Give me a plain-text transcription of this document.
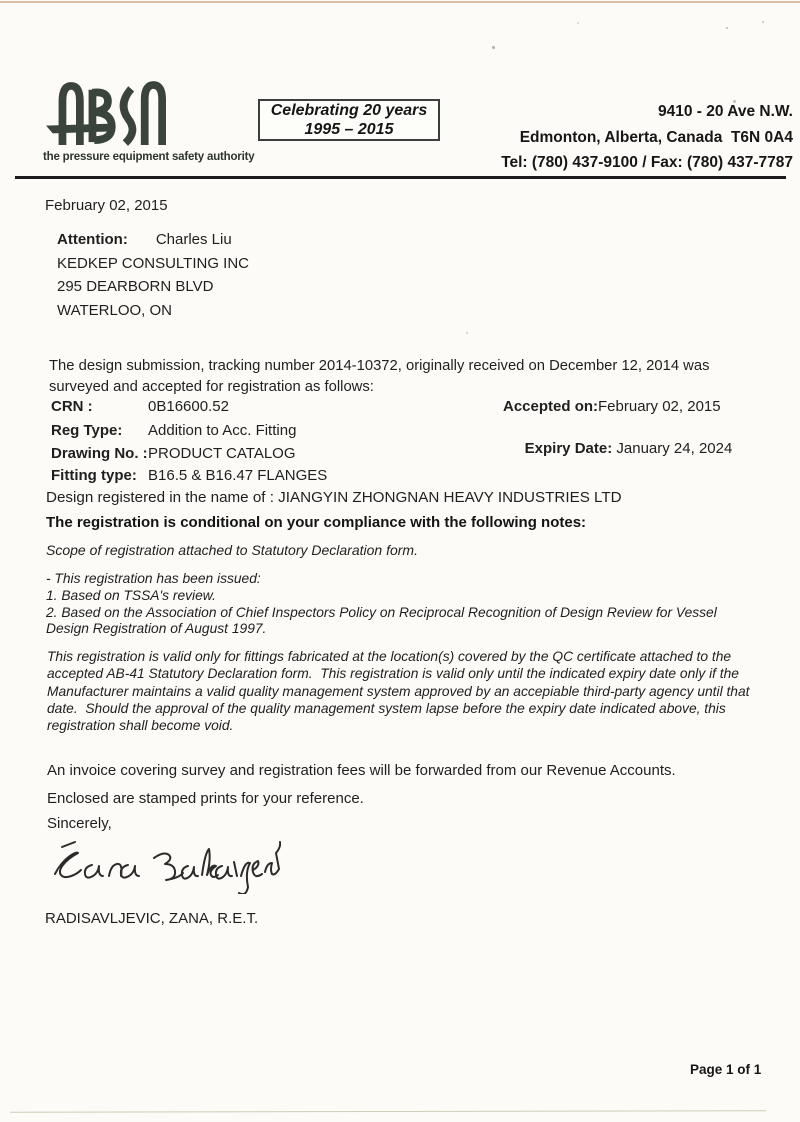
the pressure equipment safety authority
Celebrating 20 years
1995 – 2015
9410 - 20 Ave N.W.
Edmonton, Alberta, Canada  T6N 0A4
Tel: (780) 437-9100 / Fax: (780) 437-7787
February 02, 2015
Attention: Charles Liu
KEDKEP CONSULTING INC
295 DEARBORN BLVD
WATERLOO, ON
The design submission, tracking number 2014-10372, originally received on December 12, 2014 was surveyed and accepted for registration as follows:
CRN :	0B16600.52	Accepted on:February 02, 2015
Reg Type: Addition to Acc. Fitting

Expiry Date: January 24, 2024

Drawing No. :PRODUCT CATALOG
Fitting type: B16.5 & B16.47 FLANGES
Design registered in the name of : JIANGYIN ZHONGNAN HEAVY INDUSTRIES LTD
The registration is conditional on your compliance with the following notes:
Scope of registration attached to Statutory Declaration form.
- This registration has been issued:
1. Based on TSSA's review.
2. Based on the Association of Chief Inspectors Policy on Reciprocal Recognition of Design Review for Vessel Design Registration of August 1997.
This registration is valid only for fittings fabricated at the location(s) covered by the QC certificate attached to the accepted AB-41 Statutory Declaration form.  This registration is valid only until the indicated expiry date only if the Manufacturer maintains a valid quality management system approved by an accepiable third-party agency until that date.  Should the approval of the quality management system lapse before the expiry date indicated above, this registration shall become void.
An invoice covering survey and registration fees will be forwarded from our Revenue Accounts.
Enclosed are stamped prints for your reference.
Sincerely,
RADISAVLJEVIC, ZANA, R.E.T.
Page 1 of 1
